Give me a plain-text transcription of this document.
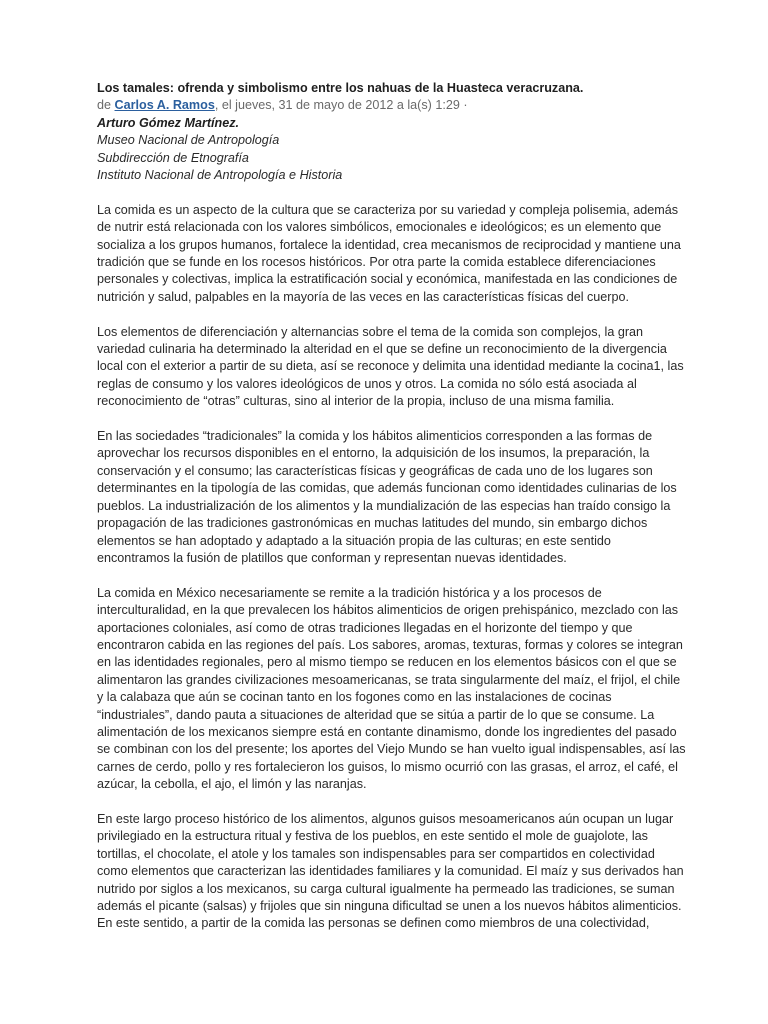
Los tamales: ofrenda y simbolismo entre los nahuas de la Huasteca veracruzana.

de Carlos A. Ramos, el jueves, 31 de mayo de 2012 a la(s) 1:29 ·

Arturo Gómez Martínez.

Museo Nacional de Antropología

Subdirección de Etnografía

Instituto Nacional de Antropología e Historia

La comida es un aspecto de la cultura que se caracteriza por su variedad y compleja polisemia, además de nutrir está relacionada con los valores simbólicos, emocionales e ideológicos; es un elemento que socializa a los grupos humanos, fortalece la identidad, crea mecanismos de reciprocidad y mantiene una tradición que se funde en los rocesos históricos. Por otra parte la comida establece diferenciaciones personales y colectivas, implica la estratificación social y económica, manifestada en las condiciones de nutrición y salud, palpables en la mayoría de las veces en las características físicas del cuerpo.

Los elementos de diferenciación y alternancias sobre el tema de la comida son complejos, la gran variedad culinaria ha determinado la alteridad en el que se define un reconocimiento de la divergencia local con el exterior a partir de su dieta, así se reconoce y delimita una identidad mediante la cocina1, las reglas de consumo y los valores ideológicos de unos y otros. La comida no sólo está asociada al reconocimiento de “otras” culturas, sino al interior de la propia, incluso de una misma familia.

En las sociedades “tradicionales” la comida y los hábitos alimenticios corresponden a las formas de aprovechar los recursos disponibles en el entorno, la adquisición de los insumos, la preparación, la conservación y el consumo; las características físicas y geográficas de cada uno de los lugares son determinantes en la tipología de las comidas, que además funcionan como identidades culinarias de los pueblos. La industrialización de los alimentos y la mundialización de las especias han traído consigo la propagación de las tradiciones gastronómicas en muchas latitudes del mundo, sin embargo dichos elementos se han adoptado y adaptado a la situación propia de las culturas; en este sentido encontramos la fusión de platillos que conforman y representan nuevas identidades.

La comida en México necesariamente se remite a la tradición histórica y a los procesos de interculturalidad, en la que prevalecen los hábitos alimenticios de origen prehispánico, mezclado con las aportaciones coloniales, así como de otras tradiciones llegadas en el horizonte del tiempo y que encontraron cabida en las regiones del país. Los sabores, aromas, texturas, formas y colores se integran en las identidades regionales, pero al mismo tiempo se reducen en los elementos básicos con el que se alimentaron las grandes civilizaciones mesoamericanas, se trata singularmente del maíz, el frijol, el chile y la calabaza que aún se cocinan tanto en los fogones como en las instalaciones de cocinas “industriales”, dando pauta a situaciones de alteridad que se sitúa a partir de lo que se consume. La alimentación de los mexicanos siempre está en contante dinamismo, donde los ingredientes del pasado se combinan con los del presente; los aportes del Viejo Mundo se han vuelto igual indispensables, así las carnes de cerdo, pollo y res fortalecieron los guisos, lo mismo ocurrió con las grasas, el arroz, el café, el azúcar, la cebolla, el ajo, el limón y las naranjas.

En este largo proceso histórico de los alimentos, algunos guisos mesoamericanos aún ocupan un lugar privilegiado en la estructura ritual y festiva de los pueblos, en este sentido el mole de guajolote, las tortillas, el chocolate, el atole y los tamales son indispensables para ser compartidos en colectividad como elementos que caracterizan las identidades familiares y la comunidad. El maíz y sus derivados han nutrido por siglos a los mexicanos, su carga cultural igualmente ha permeado las tradiciones, se suman además el picante (salsas) y frijoles que sin ninguna dificultad se unen a los nuevos hábitos alimenticios. En este sentido, a partir de la comida las personas se definen como miembros de una colectividad,
